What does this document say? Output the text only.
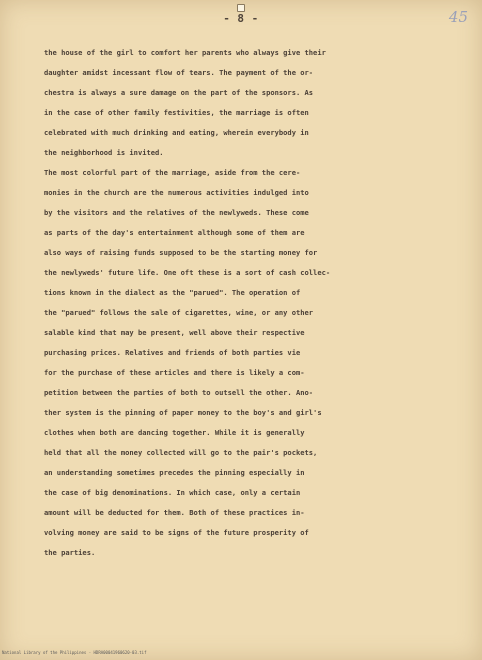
- 8 -	45
the house of the girl to comfort her parents who always give their
daughter amidst incessant flow of tears. The payment of the or-
chestra is always a sure damage on the part of the sponsors. As
in the case of other family festivities, the marriage is often
celebrated with much drinking and eating, wherein everybody in
the neighborhood is invited.
The most colorful part of the marriage, aside from the cere-
monies in the church are the numerous activities indulged into
by the visitors and the relatives of the newlyweds. These come
as parts of the day's entertainment although some of them are
also ways of raising funds supposed to be the starting money for
the newlyweds' future life. One oft these is a sort of cash collec-
tions known in the dialect as the "parued". The operation of
the "parued" follows the sale of cigarettes, wine, or any other
salable kind that may be present, well above their respective
purchasing prices. Relatives and friends of both parties vie
for the purchase of these articles and there is likely a com-
petition between the parties of both to outsell the other. Ano-
ther system is the pinning of paper money to the boy's and girl's
clothes when both are dancing together. While it is generally
held that all the money collected will go to the pair's pockets,
an understanding sometimes precedes the pinning especially in
the case of big denominations. In which case, only a certain
amount will be deducted for them. Both of these practices in-
volving money are said to be signs of the future prosperity of
the parties.
National Library of the Philippines · HDRA00041960620-03.tif
